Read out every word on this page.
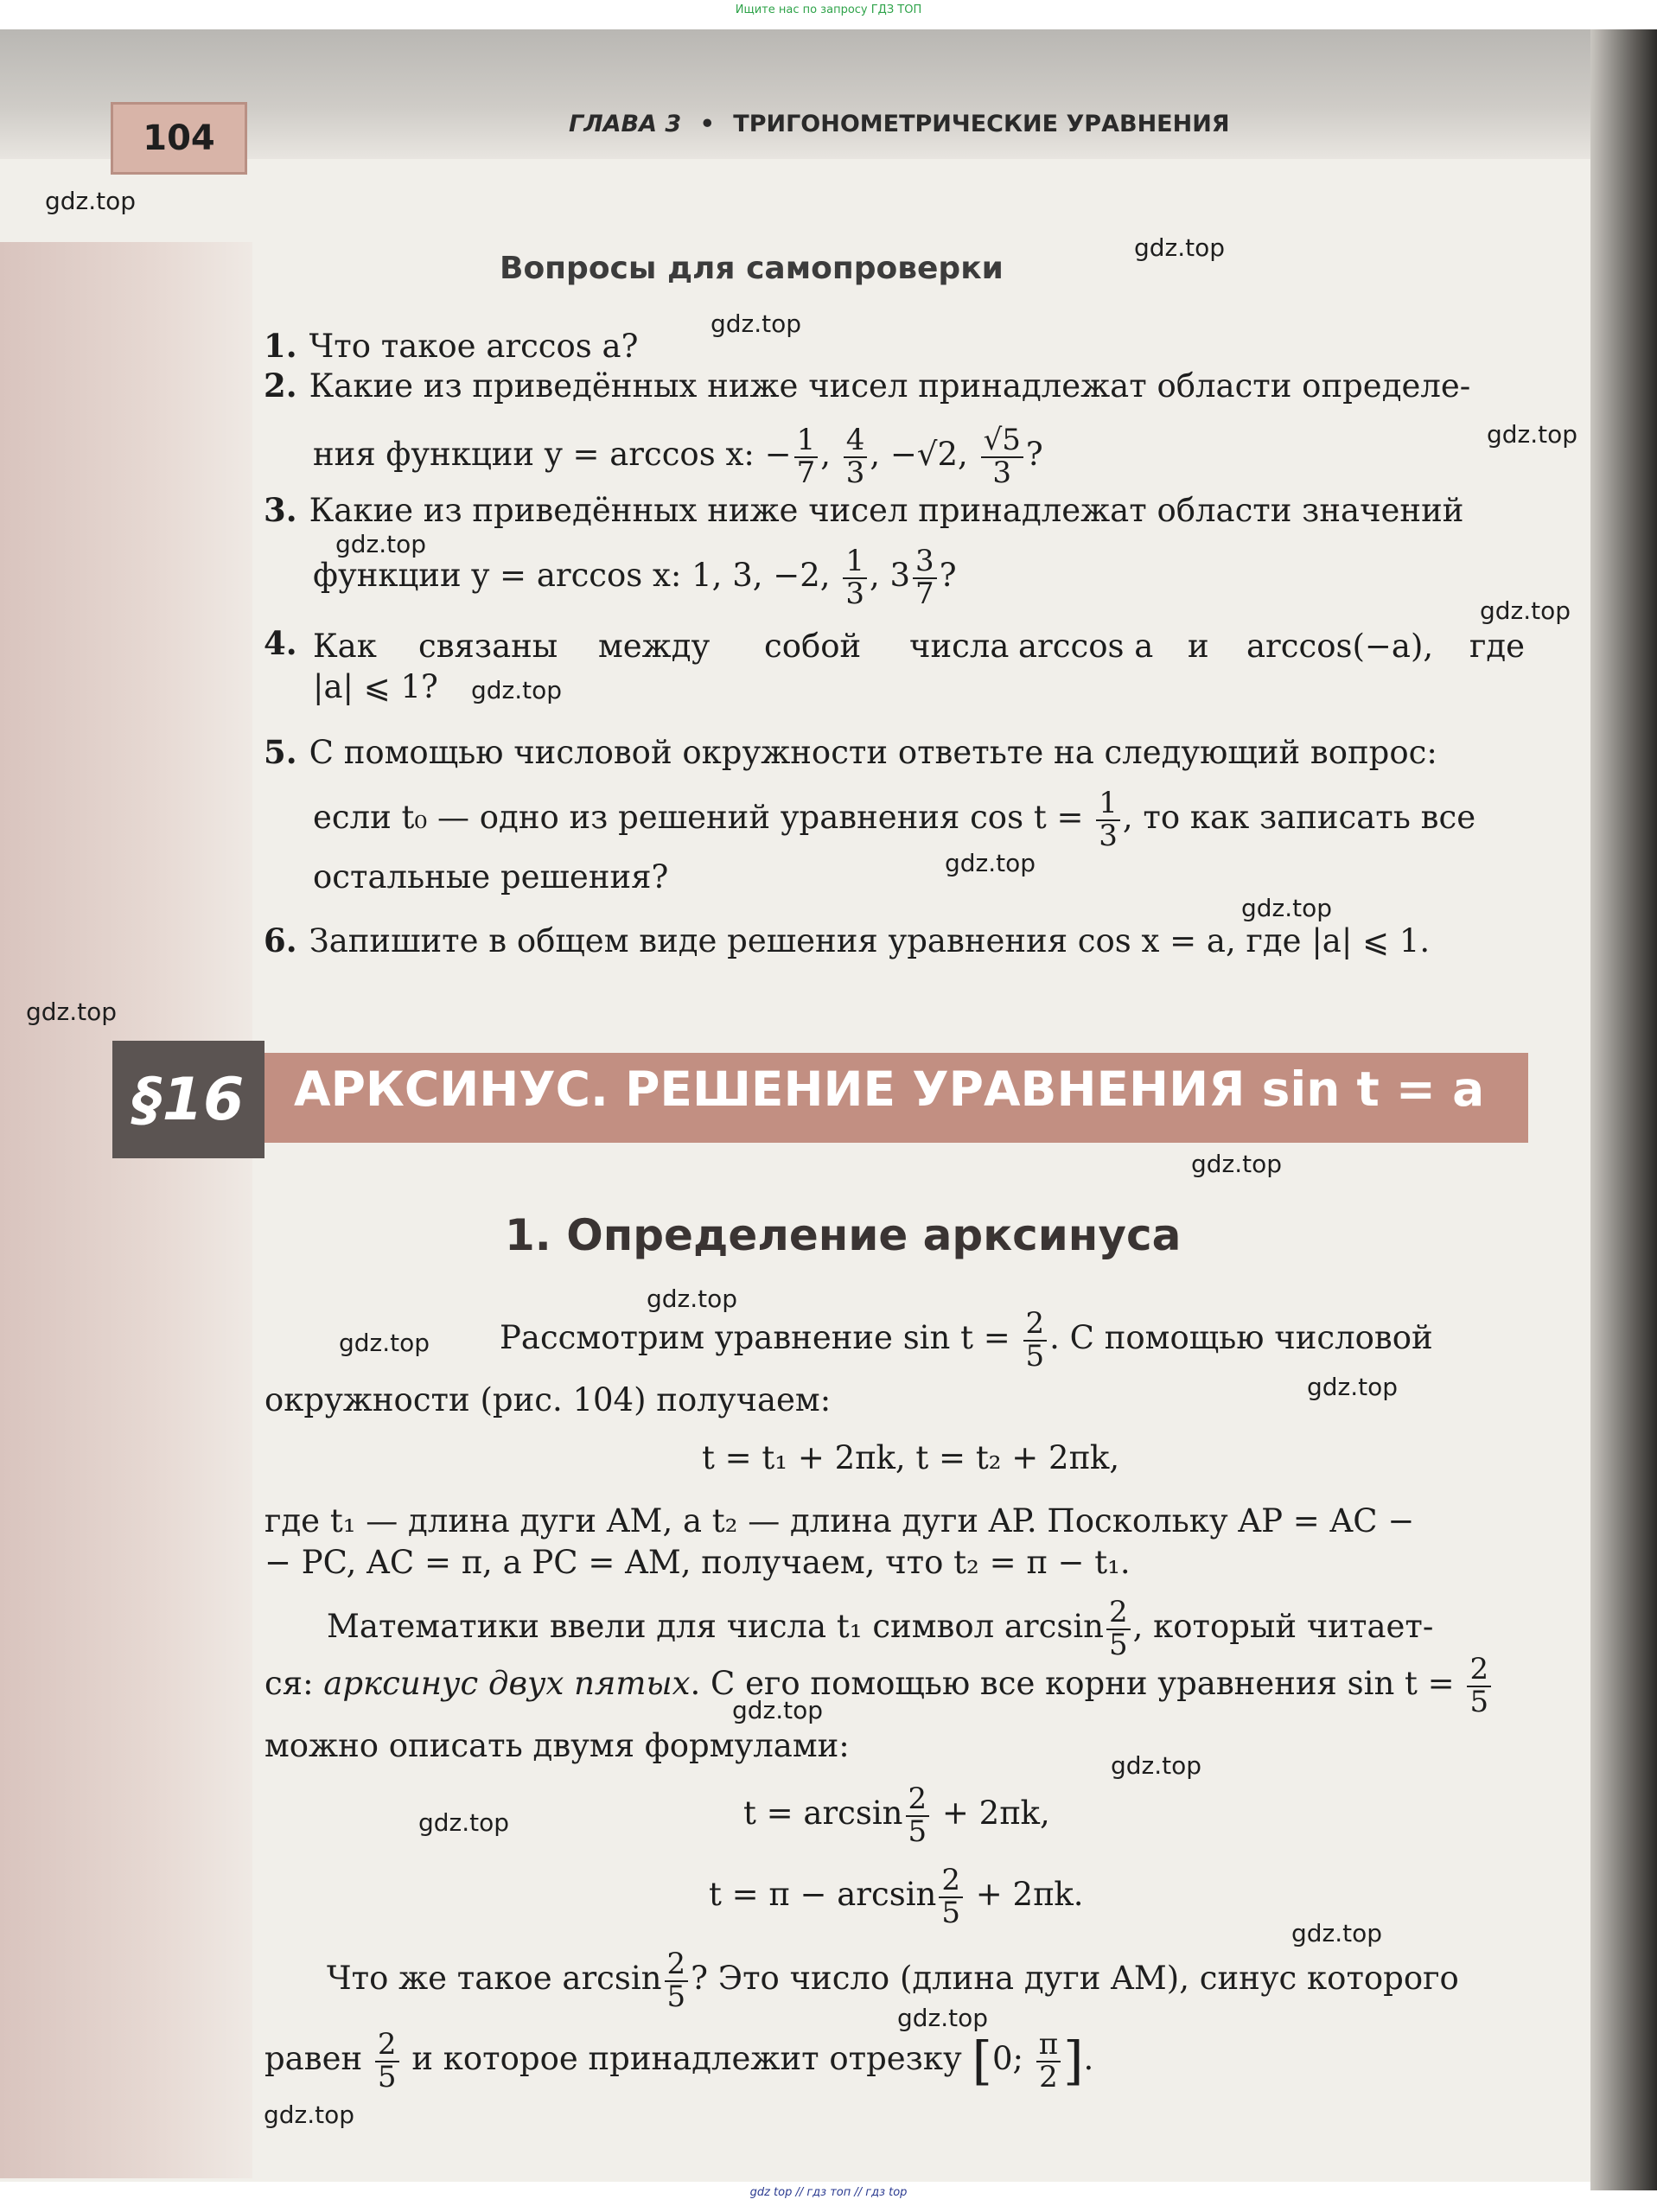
Ищите нас по запросу ГДЗ ТОП
104	ГЛАВА 3 • ТРИГОНОМЕТРИЧЕСКИЕ УРАВНЕНИЯ
gdz.top
gdz.top
gdz.top
gdz.top
gdz.top
gdz.top
gdz.top
gdz.top
gdz.top
gdz.top
gdz.top
gdz.top
gdz.top
gdz.top
gdz.top
gdz.top
gdz.top
gdz.top
gdz.top
gdz.top
Вопросы для самопроверки
1. Что такое arccos a?
2. Какие из приведённых ниже чисел принадлежат области определе-
ния функции y = arccos x: − $\frac{1}{7}$ , $\frac{4}{3}$ , −√2, $\frac{√5}{3}$ ?
3. Какие из приведённых ниже чисел принадлежат области значений
функции y = arccos x: 1, 3, −2, $\frac{1}{3}$ , $3 \frac{3}{7}$ ?
4. Как связаны между собой числа arccos a и arccos(−a), где
|a| ⩽ 1?
5. С помощью числовой окружности ответьте на следующий вопрос:
если t₀ — одно из решений уравнения $\cos t = \frac{1}{3}$ , то как записать все
остальные решения?
6. Запишите в общем виде решения уравнения cos x = a, где |a| ⩽ 1.
§16	АРКСИНУС. РЕШЕНИЕ УРАВНЕНИЯ sin t = a
1. Определение арксинуса
Рассмотрим уравнение $\sin t = \frac{2}{5}$ . С помощью числовой
окружности (рис. 104) получаем:
t = t₁ + 2πk, t = t₂ + 2πk,
где t₁ — длина дуги AM, а t₂ — длина дуги AP. Поскольку AP = AC −
− PC, AC = π, а PC = AM, получаем, что t₂ = π − t₁.
Математики ввели для числа t₁ символ $\arcsin \frac{2}{5}$ , который читает-
ся: арксинус двух пятых. С его помощью все корни уравнения $\sin t = \frac{2}{5}$
можно описать двумя формулами:
$t = \arcsin \frac{2}{5} + 2\pi k$,
$t = \pi - \arcsin \frac{2}{5} + 2\pi k$.
Что же такое $\arcsin \frac{2}{5}$ ? Это число (длина дуги AM), синус которого
равен $\frac{2}{5}$ и которое принадлежит отрезку [0; $\frac{\pi}{2}$ ].
gdz top // гдз топ // гдз top
